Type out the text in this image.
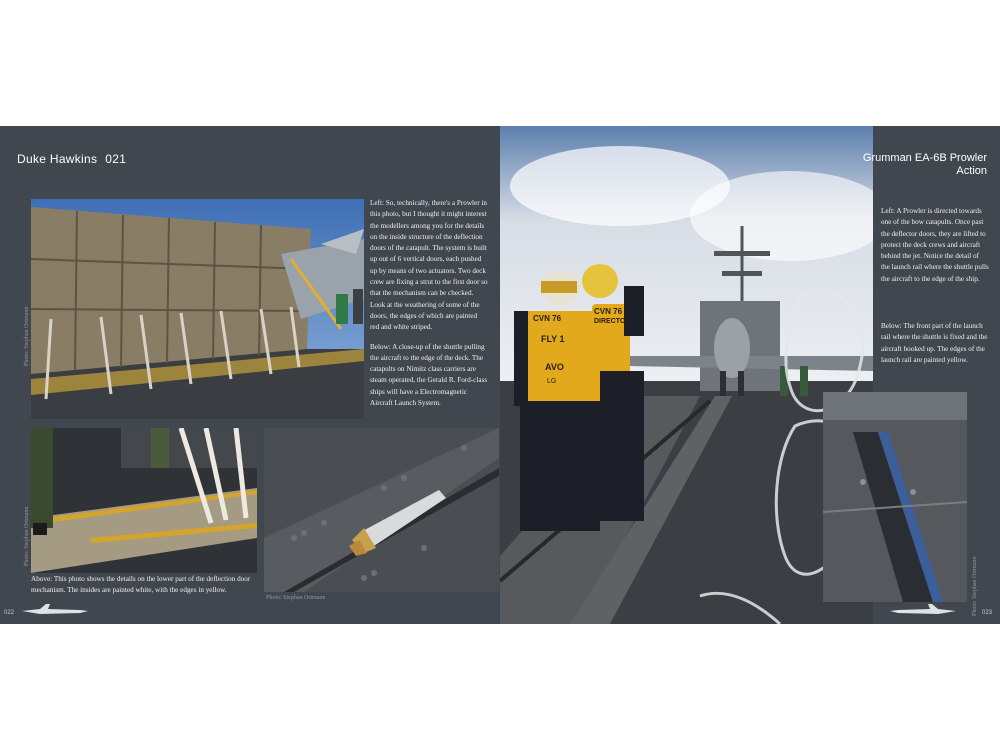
Photo: Stephan Ortmann

Left: So, technically, there's a Prowler in this photo, but I thought it might interest the modellers among you for the details on the inside structure of the deflection doors of the catapult. The system is built up out of 6 vertical doors, each pushed up by means of two actuators. Two deck crew are fixing a strut to the first door so that the mechanism can be checked. Look at the weathering of some of the doors, the edges of which are painted red and white striped.

Below: A close-up of the shuttle pulling the aircraft to the edge of the deck. The catapults on Nimitz class carriers are steam operated, the Gerald R. Ford-class ships will have a Electromagnetic Aircraft Launch System.

Photo: Stephan Ortmann
Photo: Stephan Ortmann
Above: This photo shows the details on the lower part of the deflection door mechanism. The insides are painted white, with the edges in yellow.
022
CVN 76
FLY 1
AVO
LG
CVN 76
DIRECTOR
Grumman EA-6B Prowler
Action

Left: A Prowler is directed towards one of the bow catapults. Once past the deflector doors, they are lifted to protect the deck crews and aircraft behind the jet. Notice the detail of the launch rail where the shuttle pulls the aircraft to the edge of the ship.

Below: The front part of the launch rail where the shuttle is fixed and the aircraft hooked up. The edges of the launch rail are painted yellow.

Photo: Stephan Ortmann 023
Duke Hawkins 021
